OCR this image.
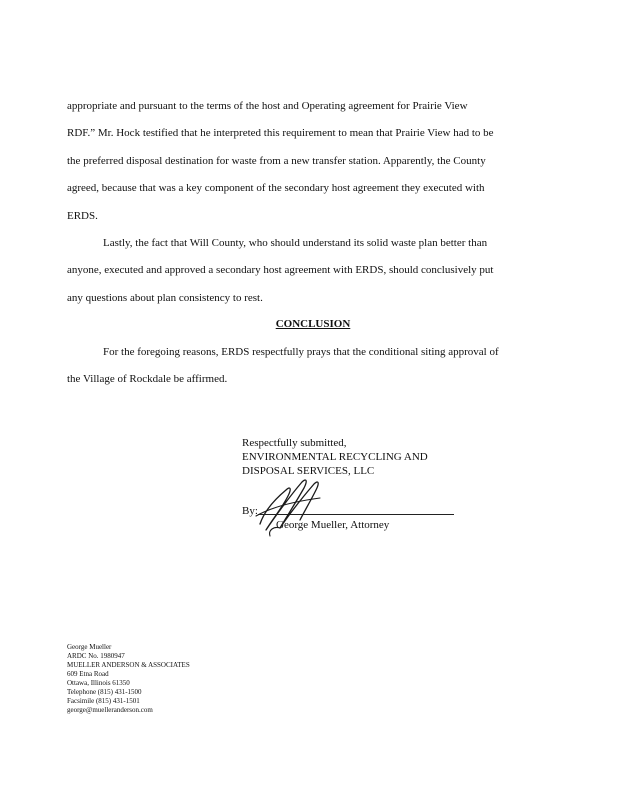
appropriate and pursuant to the terms of the host and Operating agreement for Prairie View
RDF.” Mr. Hock testified that he interpreted this requirement to mean that Prairie View had to be
the preferred disposal destination for waste from a new transfer station. Apparently, the County
agreed, because that was a key component of the secondary host agreement they executed with
ERDS.
Lastly, the fact that Will County, who should understand its solid waste plan better than
anyone, executed and approved a secondary host agreement with ERDS, should conclusively put
any questions about plan consistency to rest.
CONCLUSION
For the foregoing reasons, ERDS respectfully prays that the conditional siting approval of
the Village of Rockdale be affirmed.
Respectfully submitted,
ENVIRONMENTAL RECYCLING AND
DISPOSAL SERVICES, LLC
By:
George Mueller, Attorney
George Mueller
ARDC No. 1980947
MUELLER ANDERSON & ASSOCIATES
609 Etna Road
Ottawa, Illinois 61350
Telephone (815) 431-1500
Facsimile (815) 431-1501
george@muelleranderson.com
